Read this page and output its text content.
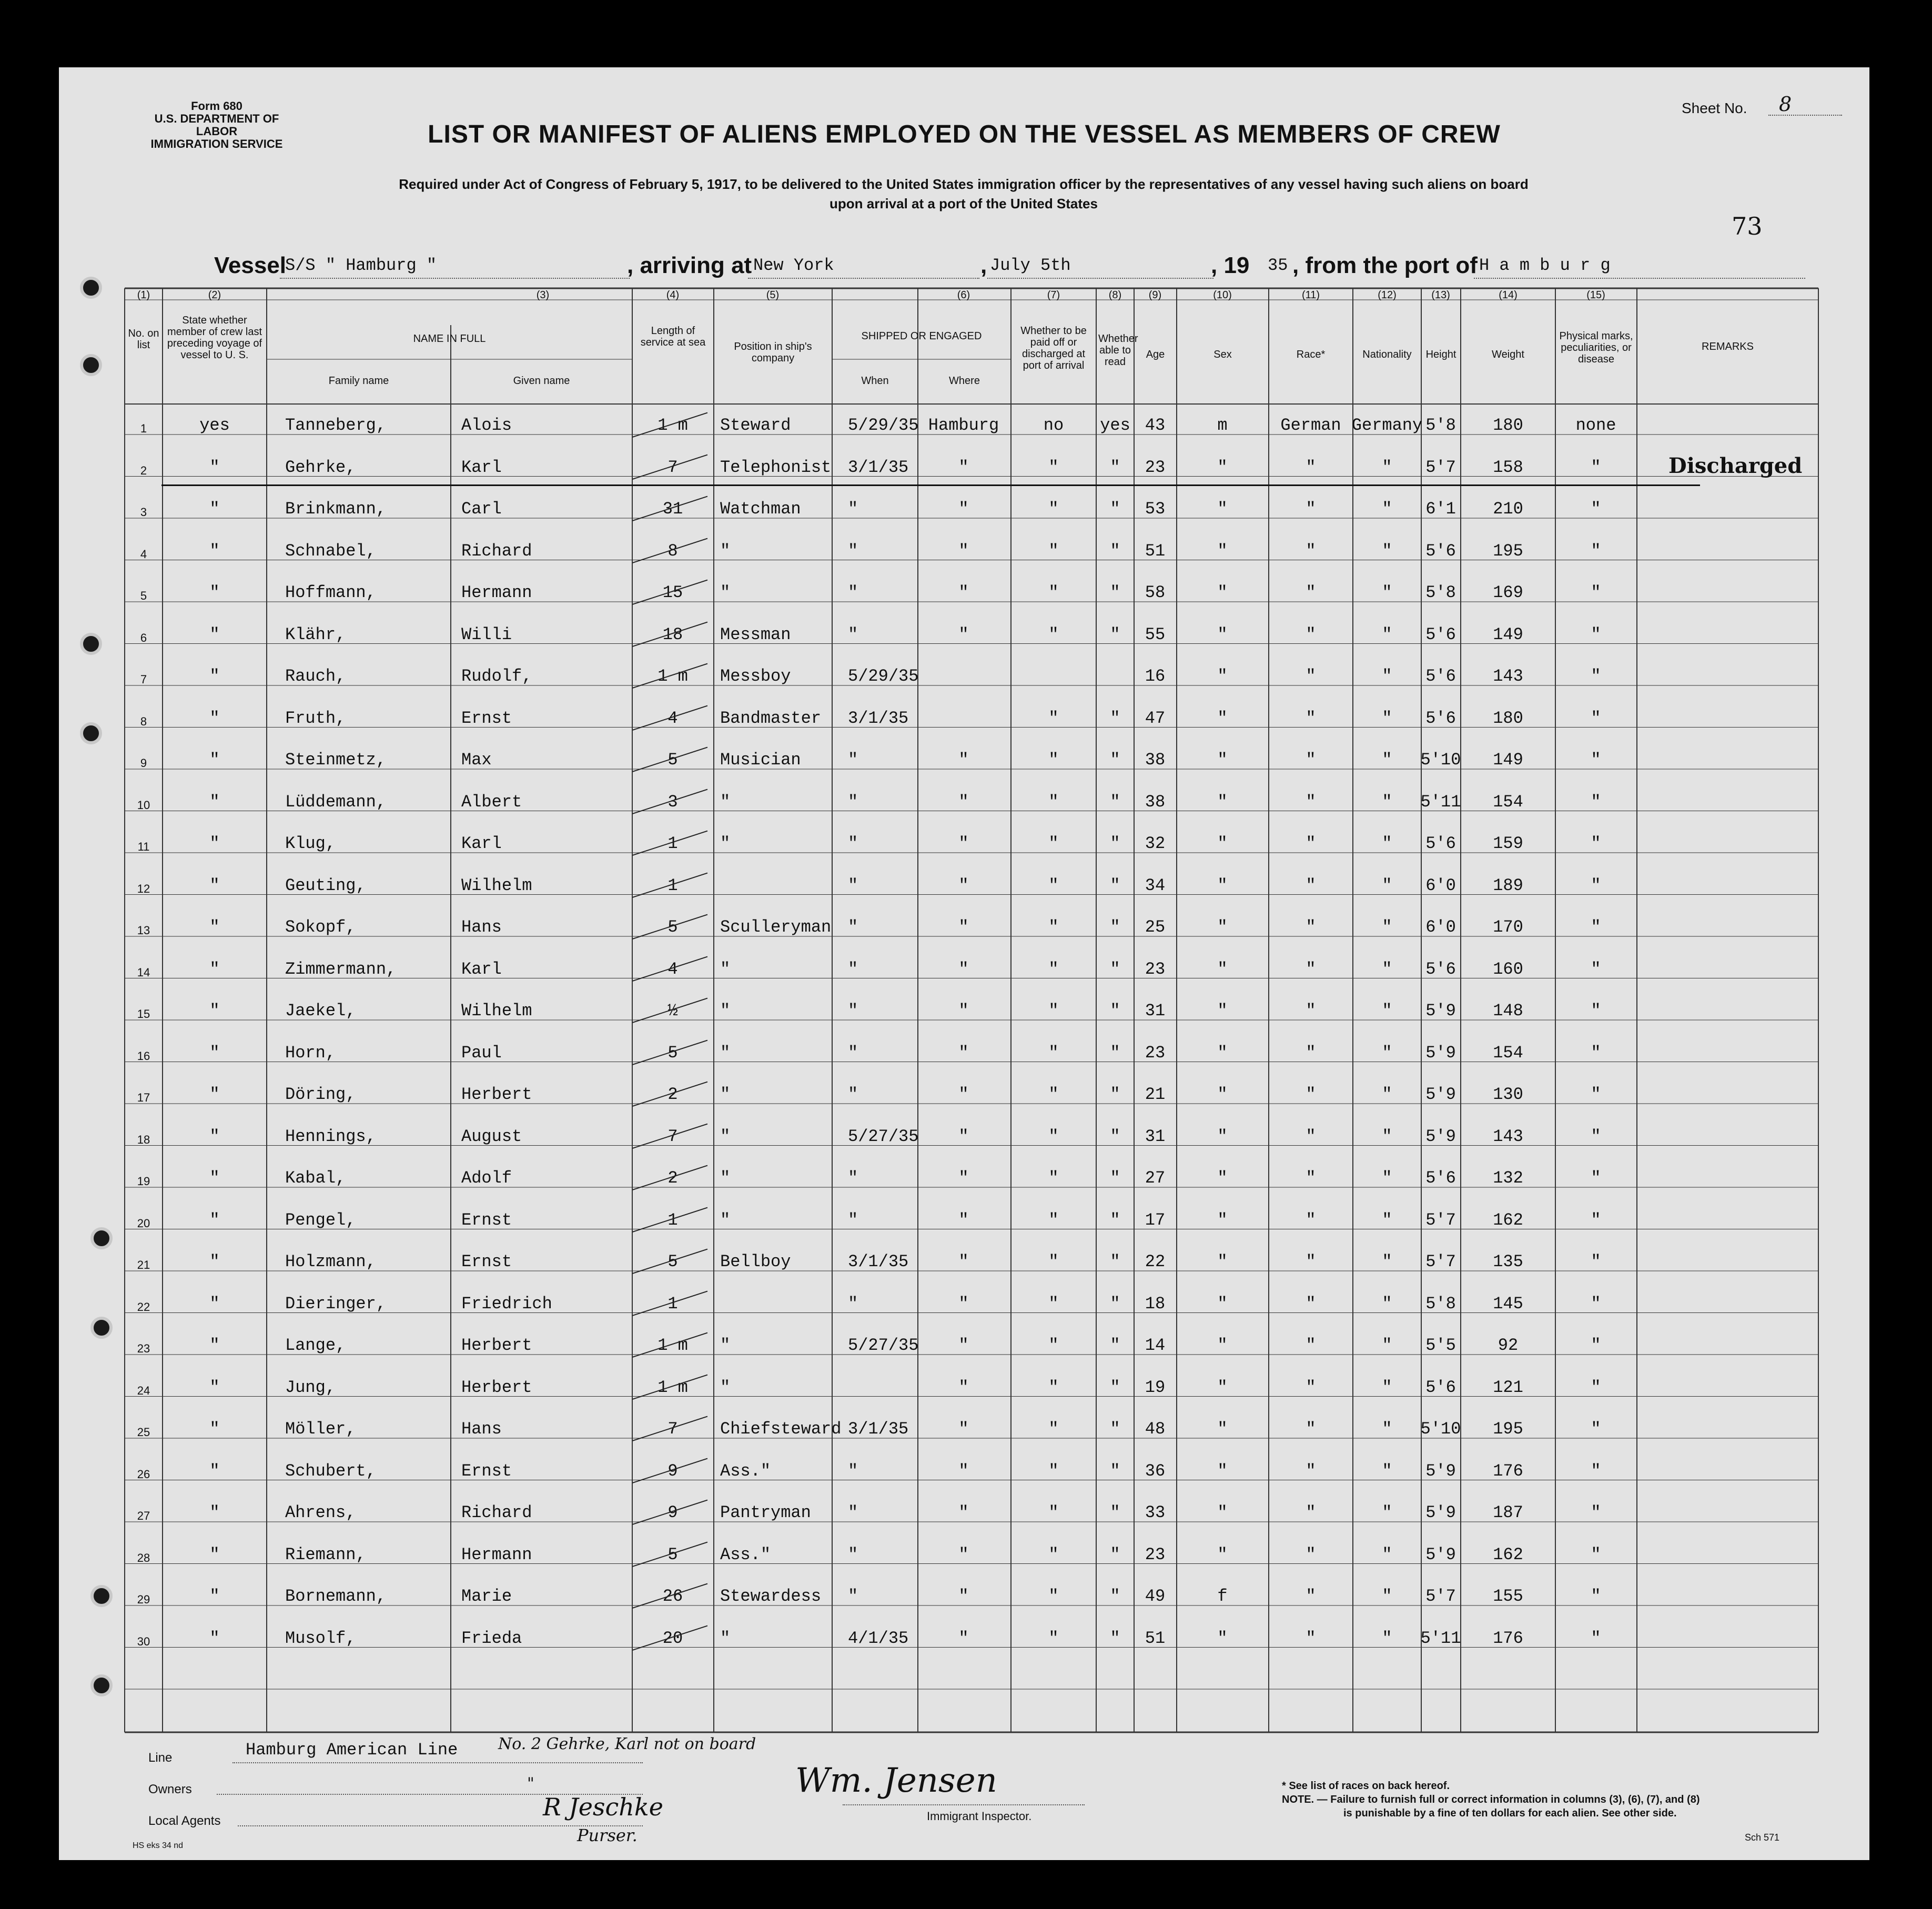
Form 680
U.S. DEPARTMENT OF LABOR
IMMIGRATION SERVICE	LIST OR MANIFEST OF ALIENS EMPLOYED ON THE VESSEL AS MEMBERS OF CREW
Required under Act of Congress of February 5, 1917, to be delivered to the United States immigration officer by the representatives of any vessel having such aliens on board
upon arrival at a port of the United States
Sheet No. 8
73
Vessel
S/S " Hamburg "	, arriving at New York	, July 5th	, 19 35 , from the port of H a m b u r g
(1)	(2)	(3)	(4)	(5)	(6)	(7)	(8)	(9)	(10)	(11)	(12)	(13)	(14)	(15)
No. on list
State whether member of crew last preceding voyage of vessel to U. S.
NAME IN FULL
Family name	Given name
Length of service at sea	Position in ship's company
SHIPPED OR ENGAGED
When	Where
Whether to be paid off or discharged at port of arrival
Whether able to read
Age	Sex	Race*	Nationality	Height	Weight
Physical marks, peculiarities, or disease
REMARKS
1	yes	Tanneberg,	Alois	1 m	Steward	5/29/35 Hamburg	no	yes 43	m	German Germany 5'8	180	none
2	"	Gehrke,	Karl	7	Telephonist 3/1/35	"	"	"	23	"	"	"	5'7	158	"	Discharged
3	"	Brinkmann,	Carl	31	Watchman	"	"	"	"	53	"	"	"	6'1	210	"
4	"	Schnabel,	Richard	8	"	"	"	"	"	51	"	"	"	5'6	195	"
5	"	Hoffmann,	Hermann	15	"	"	"	"	"	58	"	"	"	5'8	169	"
6	"	Klähr,	Willi	18	Messman	"	"	"	"	55	"	"	"	5'6	149	"
7	"	Rauch,	Rudolf,	1 m	Messboy	5/29/35	16	"	"	"	5'6	143	"
8	"	Fruth,	Ernst	4	Bandmaster 3/1/35	"	"	47	"	"	"	5'6	180	"
9	"	Steinmetz,	Max	5	Musician	"	"	"	"	38	"	"	"	5'10	149	"
10	"	Lüddemann,	Albert	3	"	"	"	"	"	38	"	"	"	5'11	154	"
11	"	Klug,	Karl	1	"	"	"	"	"	32	"	"	"	5'6	159	"
12	"	Geuting,	Wilhelm	1	"	"	"	"	34	"	"	"	6'0	189	"
13	"	Sokopf,	Hans	5	Sculleryman "	"	"	"	25	"	"	"	6'0	170	"
14	"	Zimmermann,	Karl	4	"	"	"	"	"	23	"	"	"	5'6	160	"
15	"	Jaekel,	Wilhelm	½	"	"	"	"	"	31	"	"	"	5'9	148	"
16	"	Horn,	Paul	5	"	"	"	"	"	23	"	"	"	5'9	154	"
17	"	Döring,	Herbert	2	"	"	"	"	"	21	"	"	"	5'9	130	"
18	"	Hennings,	August	7	"	5/27/35	"	"	"	31	"	"	"	5'9	143	"
19	"	Kabal,	Adolf	2	"	"	"	"	"	27	"	"	"	5'6	132	"
20	"	Pengel,	Ernst	1	"	"	"	"	"	17	"	"	"	5'7	162	"
21	"	Holzmann,	Ernst	5	Bellboy	3/1/35	"	"	"	22	"	"	"	5'7	135	"
22	"	Dieringer,	Friedrich	1	"	"	"	"	18	"	"	"	5'8	145	"
23	"	Lange,	Herbert	1 m	"	5/27/35	"	"	"	14	"	"	"	5'5	92	"
24	"	Jung,	Herbert	1 m	"	"	"	"	19	"	"	"	5'6	121	"
25	"	Möller,	Hans	7	Chiefsteward 3/1/35	"	"	"	48	"	"	"	5'10	195	"
26	"	Schubert,	Ernst	9	Ass."	"	"	"	"	36	"	"	"	5'9	176	"
27	"	Ahrens,	Richard	9	Pantryman "	"	"	"	33	"	"	"	5'9	187	"
28	"	Riemann,	Hermann	5	Ass."	"	"	"	"	23	"	"	"	5'9	162	"
29	"	Bornemann,	Marie	26	Stewardess "	"	"	"	49	f	"	"	5'7	155	"
30	"	Musolf,	Frieda	20	"	4/1/35	"	"	"	51	"	"	"	5'11	176	"
Line	Hamburg American Line	No. 2 Gehrke, Karl not on board
Owners	"
Local Agents	R Jeschke
Purser.
Wm. Jensen
Immigrant Inspector.
* See list of races on back hereof.
NOTE. — Failure to furnish full or correct information in columns (3), (6), (7), and (8)
is punishable by a fine of ten dollars for each alien. See other side.
Sch 571
HS eks 34 nd
